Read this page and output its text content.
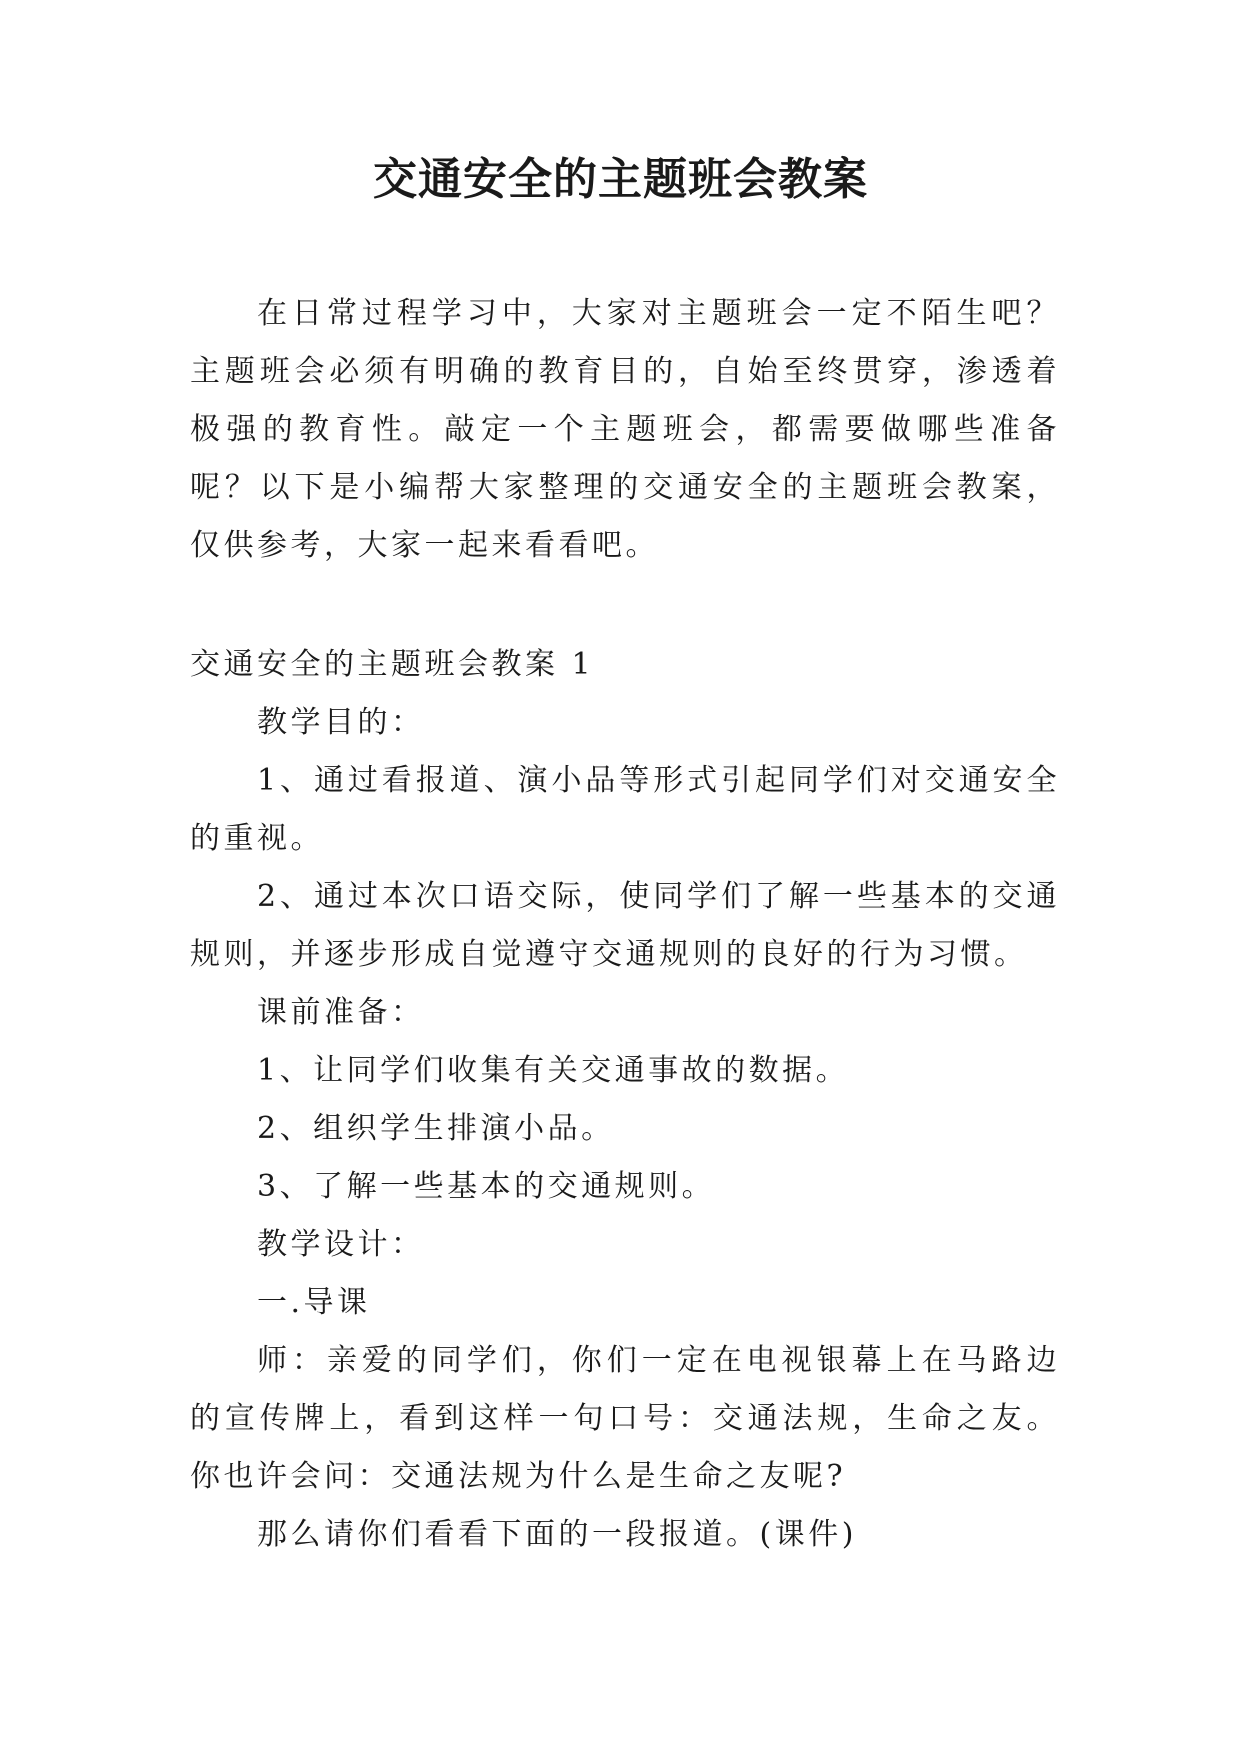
交通安全的主题班会教案

在日常过程学习中，大家对主题班会一定不陌生吧？主题班会必须有明确的教育目的，自始至终贯穿，渗透着极强的教育性。敲定一个主题班会，都需要做哪些准备呢？以下是小编帮大家整理的交通安全的主题班会教案，仅供参考，大家一起来看看吧。

交通安全的主题班会教案 1

教学目的：

1、通过看报道、演小品等形式引起同学们对交通安全的重视。

2、通过本次口语交际，使同学们了解一些基本的交通规则，并逐步形成自觉遵守交通规则的良好的行为习惯。

课前准备：

1、让同学们收集有关交通事故的数据。

2、组织学生排演小品。

3、了解一些基本的交通规则。

教学设计：

一.导课

师：亲爱的同学们，你们一定在电视银幕上在马路边的宣传牌上，看到这样一句口号：交通法规，生命之友。你也许会问：交通法规为什么是生命之友呢?

那么请你们看看下面的一段报道。(课件)
